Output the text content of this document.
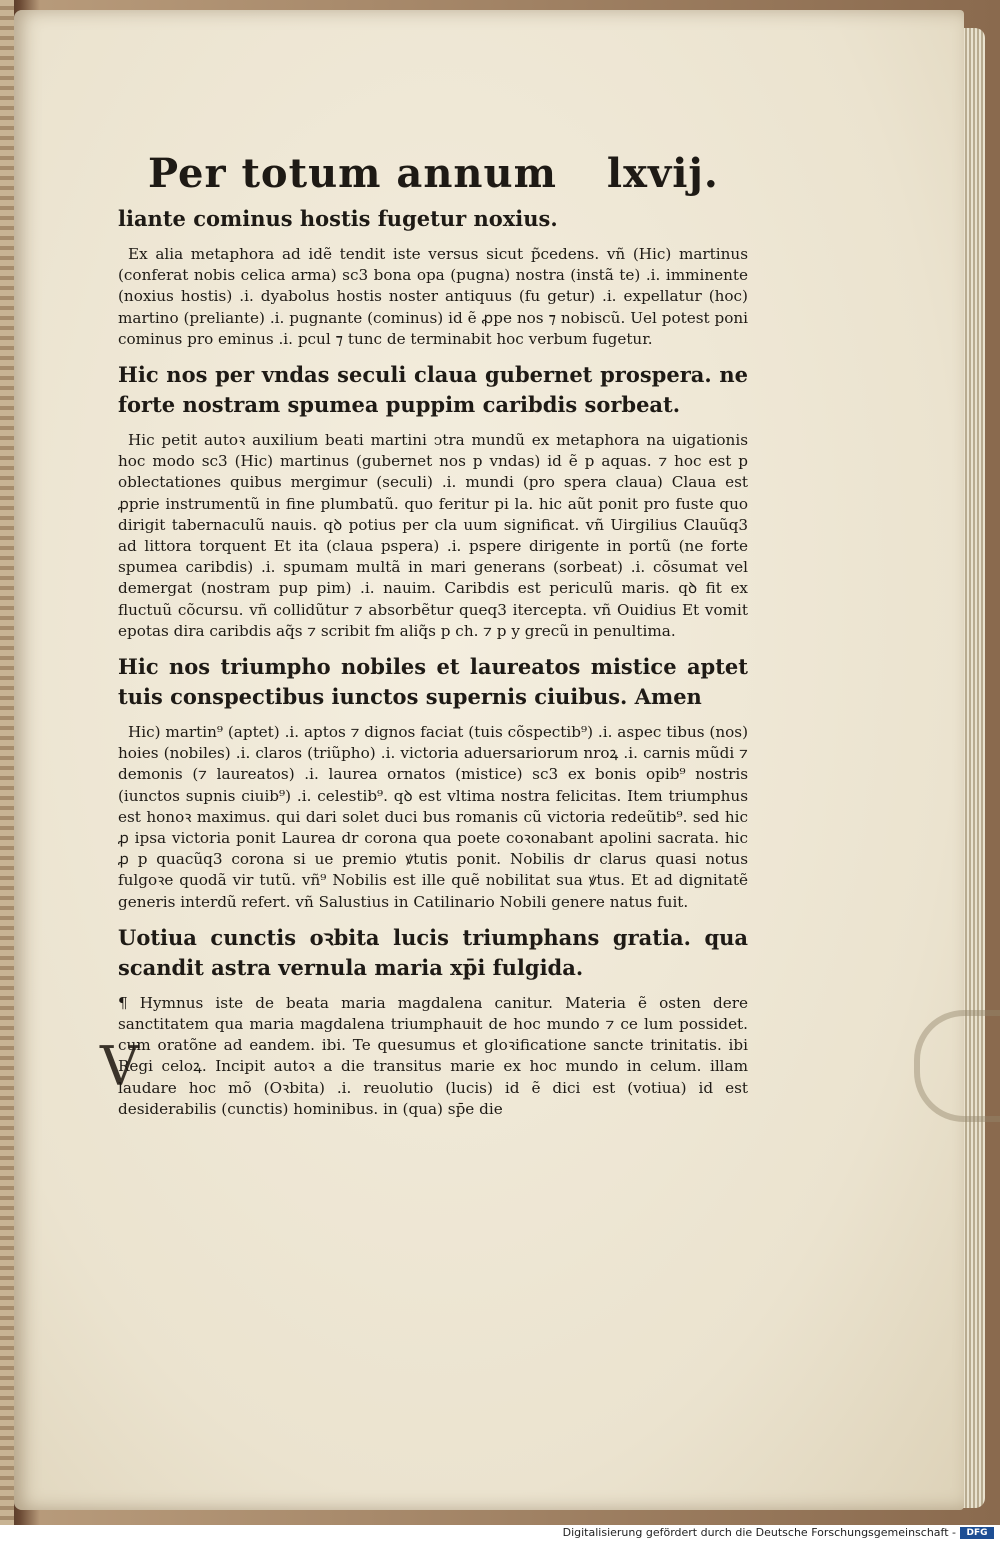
V
Per totum annum lxvij.

liante cominus hostis fugetur noxius.

Ex alia metaphora ad idẽ tendit iste versus sicut p̃cedens. vñ (Hic) martinus (conferat nobis celica arma) sc3 bona opa (pugna) nostra (instã te) .i. imminente (noxius hostis) .i. dyabolus hostis noster antiquus (fu getur) .i. expellatur (hoc) martino (preliante) .i. pugnante (cominus) id ẽ ꝓpe nos ⁊ nobiscũ. Uel potest poni cominus pro eminus .i. pcul ⁊ tunc de terminabit hoc verbum fugetur.

Hic nos per vndas seculi claua gubernet prospera. ne forte nostram spumea puppim caribdis sorbeat.

Hic petit autoꝛ auxilium beati martini ↄtra mundũ ex metaphora na uigationis hoc modo sc3 (Hic) martinus (gubernet nos p vndas) id ẽ p aquas. ⁊ hoc est p oblectationes quibus mergimur (seculi) .i. mundi (pro spera claua) Claua est ꝓprie instrumentũ in fine plumbatũ. quo feritur pi la. hic aũt ponit pro fuste quo dirigit tabernaculũ nauis. qꝺ potius per cla uum significat. vñ Uirgilius Clauũq3 ad littora torquent Et ita (claua pspera) .i. pspere dirigente in portũ (ne forte spumea caribdis) .i. spumam multã in mari generans (sorbeat) .i. cõsumat vel demergat (nostram pup pim) .i. nauim. Caribdis est periculũ maris. qꝺ fit ex fluctuũ cõcursu. vñ collidũtur ⁊ absorbẽtur queq3 itercepta. vñ Ouidius Et vomit epotas dira caribdis aq̃s ⁊ scribit fm aliq̃s p ch. ⁊ p y grecũ in penultima.

Hic nos triumpho nobiles et laureatos mistice aptet tuis conspectibus iunctos supernis ciuibus. Amen

Hic) martin⁹ (aptet) .i. aptos ⁊ dignos faciat (tuis cõspectib⁹) .i. aspec tibus (nos) hoies (nobiles) .i. claros (triũpho) .i. victoria aduersariorum nroꝝ .i. carnis mũdi ⁊ demonis (⁊ laureatos) .i. laurea ornatos (mistice) sc3 ex bonis opib⁹ nostris (iunctos supnis ciuib⁹) .i. celestib⁹. qꝺ est vltima nostra felicitas. Item triumphus est honoꝛ maximus. qui dari solet duci bus romanis cũ victoria redeũtib⁹. sed hic ꝓ ipsa victoria ponit Laurea dr corona qua poete coꝛonabant apolini sacrata. hic ꝓ p quacũq3 corona si ue premio ꝟtutis ponit. Nobilis dr clarus quasi notus fulgoꝛe quodã vir tutũ. vñ⁹ Nobilis est ille quẽ nobilitat sua ꝟtus. Et ad dignitatẽ generis interdũ refert. vñ Salustius in Catilinario Nobili genere natus fuit.

Uotiua cunctis oꝛbita lucis triumphans gratia. qua scandit astra vernula maria xp̄i fulgida.

¶ Hymnus iste de beata maria magdalena canitur. Materia ẽ osten dere sanctitatem qua maria magdalena triumphauit de hoc mundo ⁊ ce lum possidet. cum oratõne ad eandem. ibi. Te quesumus et gloꝛificatione sancte trinitatis. ibi Regi celoꝝ. Incipit autoꝛ a die transitus marie ex hoc mundo in celum. illam laudare hoc mõ (Oꝛbita) .i. reuolutio (lucis) id ẽ dici est (votiua) id est desiderabilis (cunctis) hominibus. in (qua) sp̄e die

Digitalisierung gefördert durch die Deutsche Forschungsgemeinschaft -	DFG
